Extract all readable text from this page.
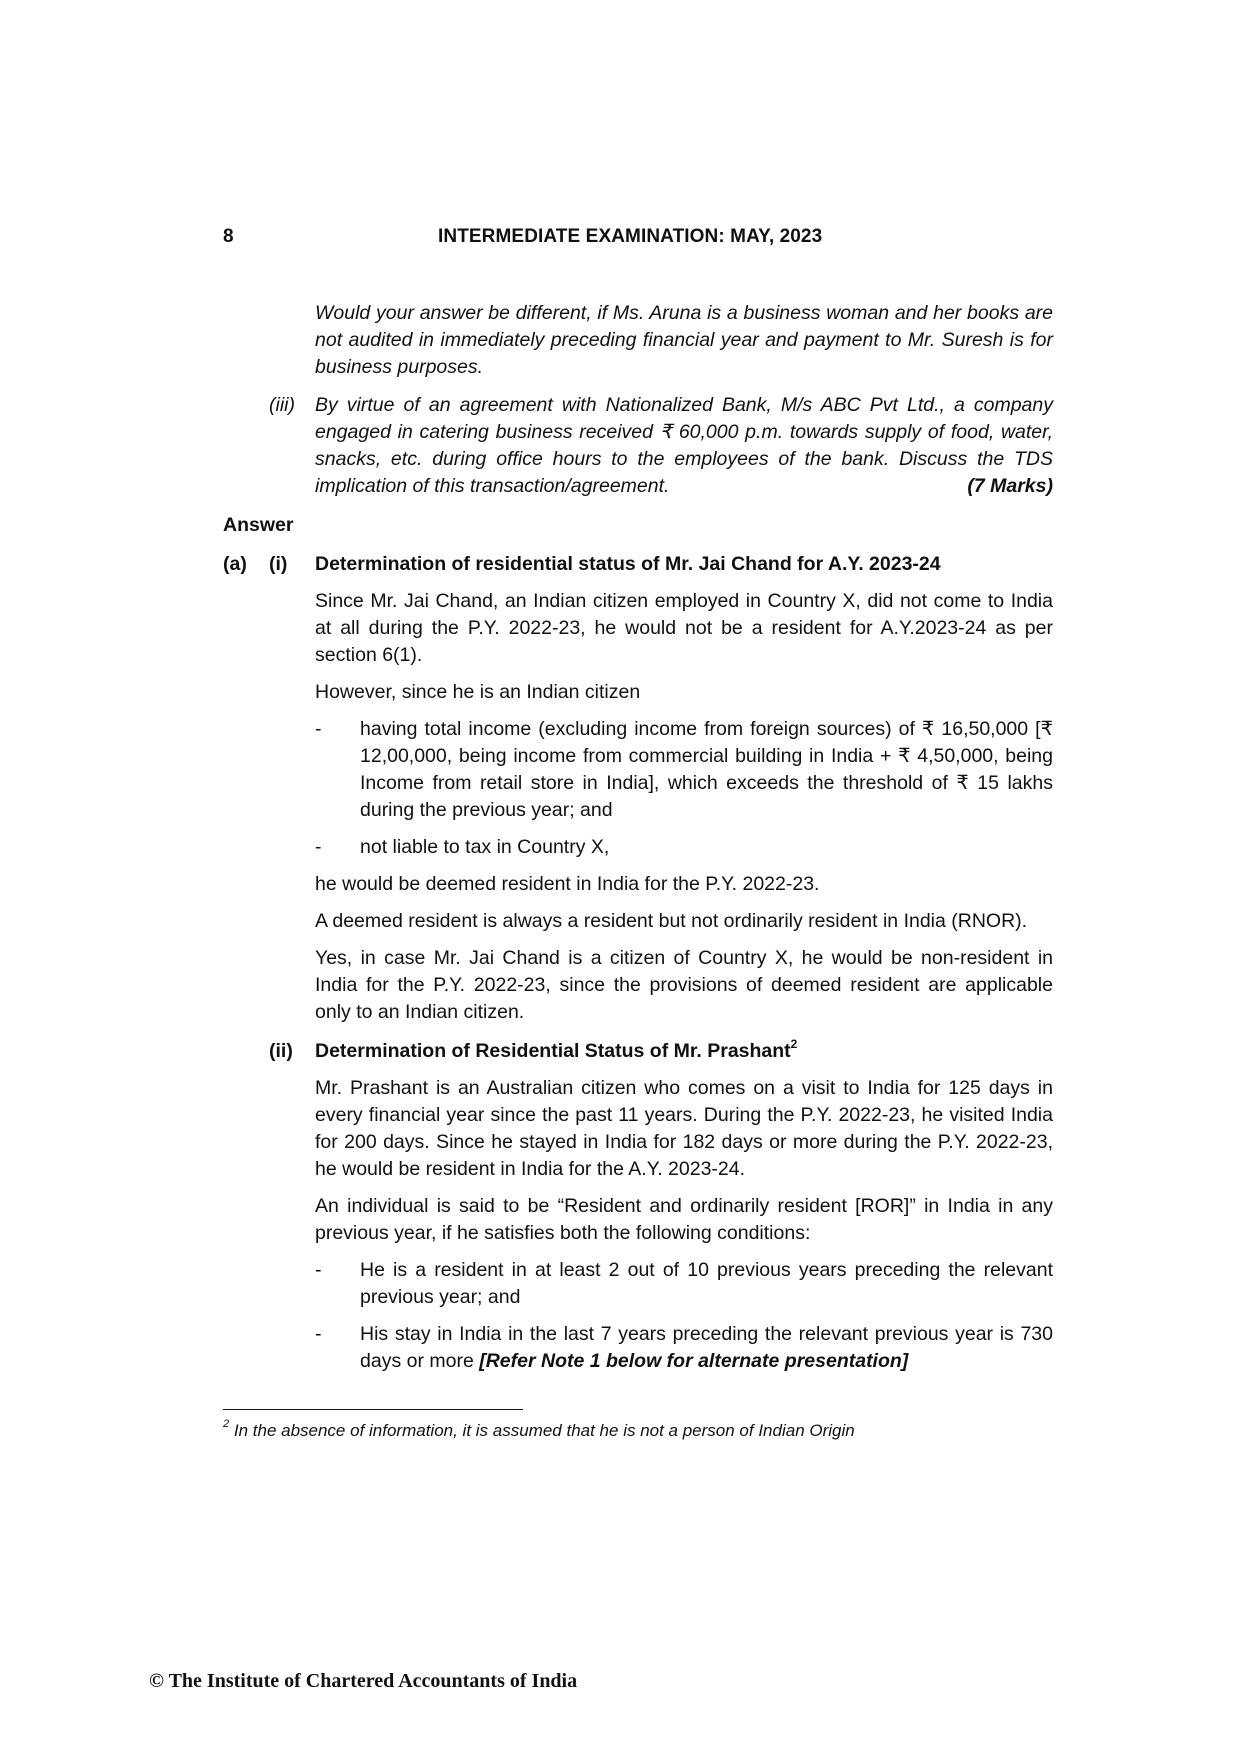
8	INTERMEDIATE EXAMINATION: MAY, 2023

Would your answer be different, if Ms. Aruna is a business woman and her books are not audited in immediately preceding financial year and payment to Mr. Suresh is for business purposes.

(iii) By virtue of an agreement with Nationalized Bank, M/s ABC Pvt Ltd., a company engaged in catering business received ₹ 60,000 p.m. towards supply of food, water, snacks, etc. during office hours to the employees of the bank. Discuss the TDS implication of this transaction/agreement.	(7 Marks)

Answer

(a) (i) Determination of residential status of Mr. Jai Chand for A.Y. 2023-24

Since Mr. Jai Chand, an Indian citizen employed in Country X, did not come to India at all during the P.Y. 2022-23, he would not be a resident for A.Y.2023-24 as per section 6(1).

However, since he is an Indian citizen

- having total income (excluding income from foreign sources) of ₹ 16,50,000 [₹ 12,00,000, being income from commercial building in India + ₹ 4,50,000, being Income from retail store in India], which exceeds the threshold of ₹ 15 lakhs during the previous year; and

- not liable to tax in Country X,

he would be deemed resident in India for the P.Y. 2022-23.

A deemed resident is always a resident but not ordinarily resident in India (RNOR).

Yes, in case Mr. Jai Chand is a citizen of Country X, he would be non-resident in India for the P.Y. 2022-23, since the provisions of deemed resident are applicable only to an Indian citizen.

(ii) Determination of Residential Status of Mr. Prashant$^2$

Mr. Prashant is an Australian citizen who comes on a visit to India for 125 days in every financial year since the past 11 years. During the P.Y. 2022-23, he visited India for 200 days. Since he stayed in India for 182 days or more during the P.Y. 2022-23, he would be resident in India for the A.Y. 2023-24.

An individual is said to be “Resident and ordinarily resident [ROR]” in India in any previous year, if he satisfies both the following conditions:

- He is a resident in at least 2 out of 10 previous years preceding the relevant previous year; and

- His stay in India in the last 7 years preceding the relevant previous year is 730 days or more [Refer Note 1 below for alternate presentation]

$^2$ In the absence of information, it is assumed that he is not a person of Indian Origin

© The Institute of Chartered Accountants of India
